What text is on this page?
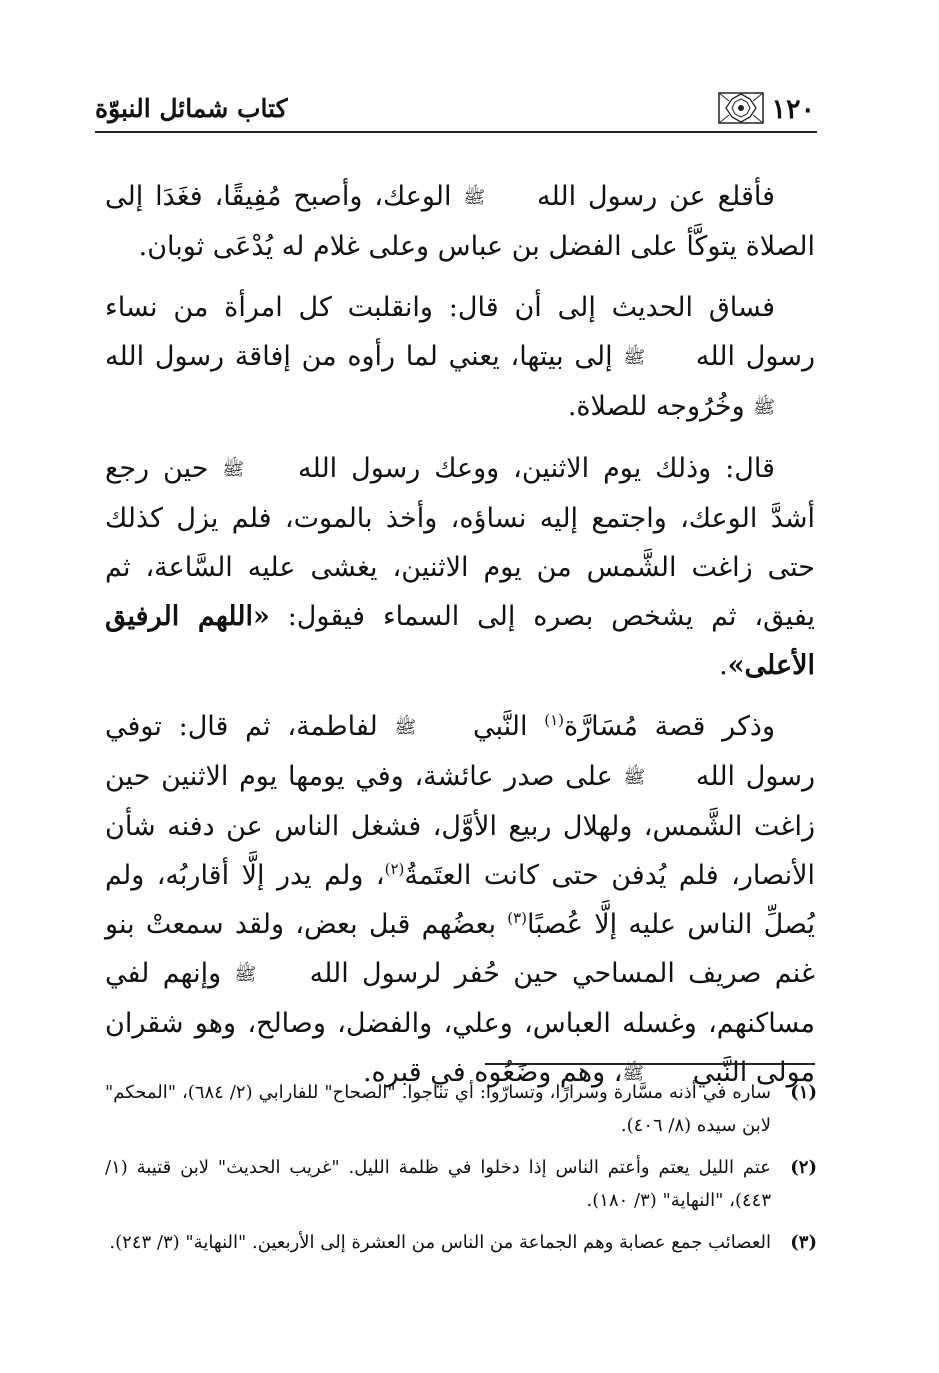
١٢٠
كتاب شمائل النبوّة

فأقلع عن رسول الله ﷺ الوعك، وأصبح مُفِيقًا، فغَدَا إلى الصلاة يتوكَّأ على الفضل بن عباس وعلى غلام له يُدْعَى ثوبان.

فساق الحديث إلى أن قال: وانقلبت كل امرأة من نساء رسول الله ﷺ إلى بيتها، يعني لما رأوه من إفاقة رسول الله ﷺ وخُرُوجه للصلاة.

قال: وذلك يوم الاثنين، ووعك رسول الله ﷺ حين رجع أشدَّ الوعك، واجتمع إليه نساؤه، وأخذ بالموت، فلم يزل كذلك حتى زاغت الشَّمس من يوم الاثنين، يغشى عليه السَّاعة، ثم يفيق، ثم يشخص بصره إلى السماء فيقول: «اللهم الرفيق الأعلى».

وذكر قصة مُسَارَّة$^{(١)}$ النَّبي ﷺ لفاطمة، ثم قال: توفي رسول الله ﷺ على صدر عائشة، وفي يومها يوم الاثنين حين زاغت الشَّمس، ولهلال ربيع الأوَّل، فشغل الناس عن دفنه شأن الأنصار، فلم يُدفن حتى كانت العتَمةُ$^{(٢)}$، ولم يدر إلَّا أقاربُه، ولم يُصلِّ الناس عليه إلَّا عُصبًا$^{(٣)}$ بعضُهم قبل بعض، ولقد سمعتْ بنو غنم صريف المساحي حين حُفر لرسول الله ﷺ وإنهم لفي مساكنهم، وغسله العباس، وعلي، والفضل، وصالح، وهو شقران مولى النَّبي ﷺ، وهم وضَعُوه في قبره.

(١)
ساره في أذنه مسَّارة وسرارًا، وتسارّوا: أي تناجوا. "الصحاح" للفارابي (٢/ ٦٨٤)، "المحكم" لابن سيده (٨/ ٤٠٦).
(٢)
عتم الليل يعتم وأعتم الناس إذا دخلوا في ظلمة الليل. "غريب الحديث" لابن قتيبة (١/ ٤٤٣)، "النهاية" (٣/ ١٨٠).
(٣)
العصائب جمع عصابة وهم الجماعة من الناس من العشرة إلى الأربعين. "النهاية" (٣/ ٢٤٣).
